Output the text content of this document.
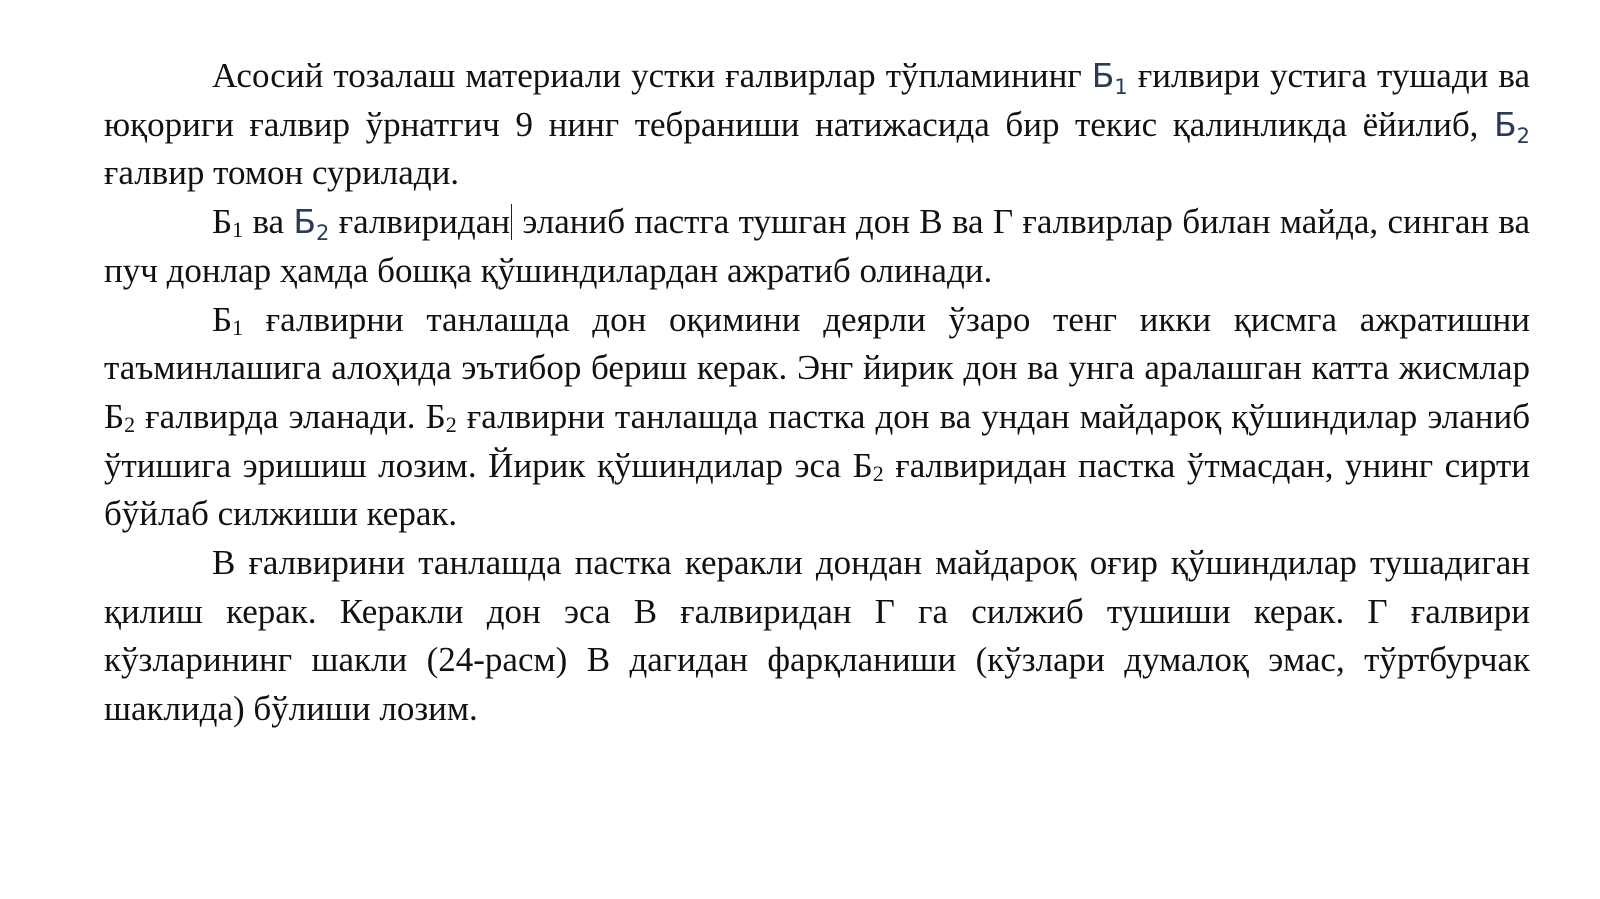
Асосий тозалаш материали устки ғалвирлар тўпламининг $Б_1$ ғилвири устига тушади ва юқориги ғалвир ўрнатгич 9 нинг тебраниши натижасида бир текис қалинликда ёйилиб, $Б_2$ ғалвир томон сурилади.

Б1 ва $Б_2$ ғалвиридан эланиб пастга тушган дон В ва Г ғалвирлар билан майда, синган ва пуч донлар ҳамда бошқа қўшиндилардан ажратиб олинади.

Б1 ғалвирни танлашда дон оқимини деярли ўзаро тенг икки қисмга ажратишни таъминлашига алоҳида эътибор бериш керак. Энг йирик дон ва унга аралашган катта жисмлар Б2 ғалвирда эланади. Б2 ғалвирни танлашда пастка дон ва ундан майдароқ қўшиндилар эланиб ўтишига эришиш лозим. Йирик қўшиндилар эса Б2 ғалвиридан пастка ўтмасдан, унинг сирти бўйлаб силжиши керак.

В ғалвирини танлашда пастка керакли дондан майдароқ оғир қўшиндилар тушадиган қилиш керак. Керакли дон эса В ғалвиридан Г га силжиб тушиши керак. Г ғалвири кўзларининг шакли (24-расм) В дагидан фарқланиши (кўзлари думалоқ эмас, тўртбурчак шаклида) бўлиши лозим.
